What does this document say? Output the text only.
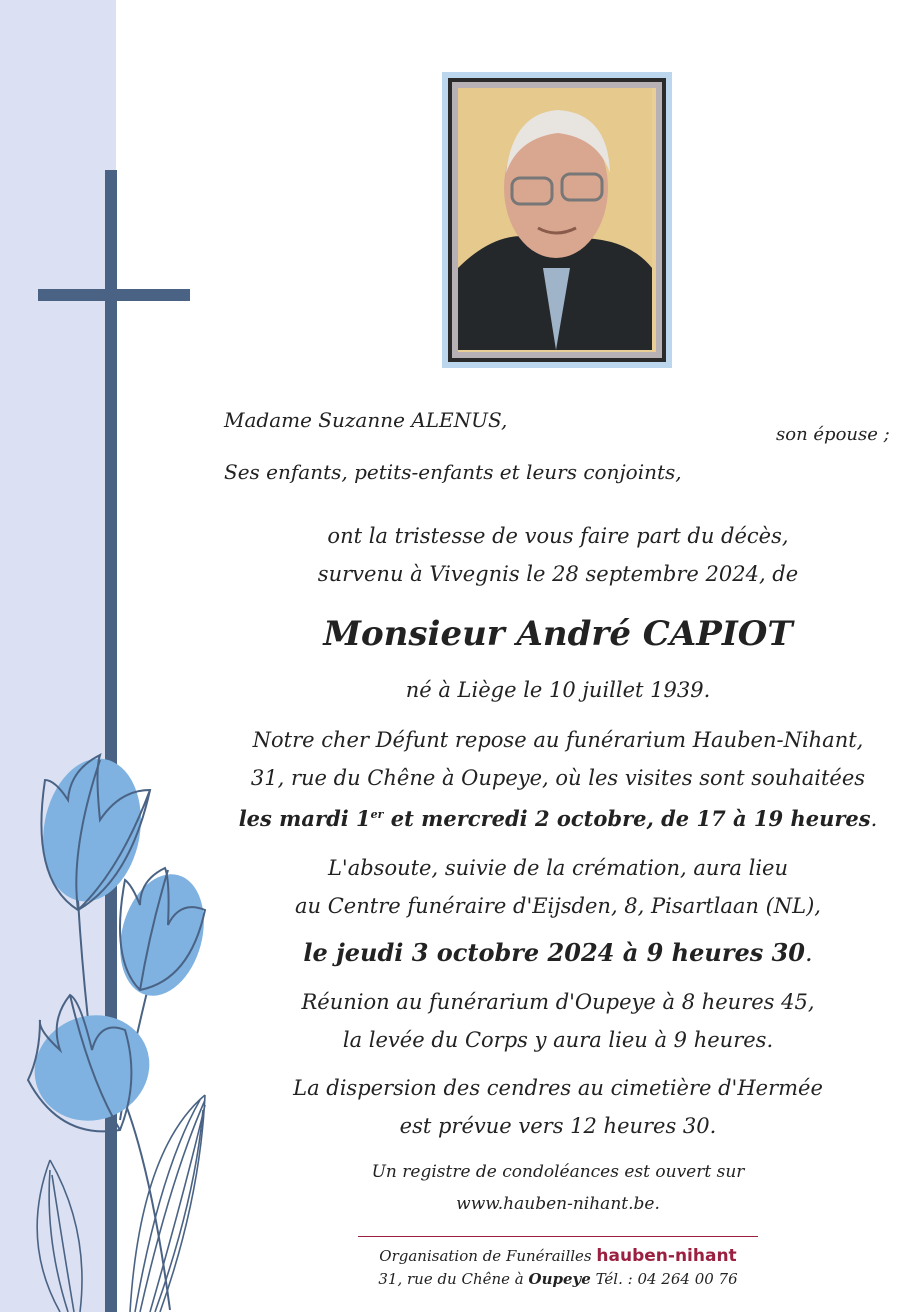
Madame Suzanne ALENUS,
son épouse ;
Ses enfants, petits-enfants et leurs conjoints,
ont la tristesse de vous faire part du décès,
survenu à Vivegnis le 28 septembre 2024, de
Monsieur André CAPIOT
né à Liège le 10 juillet 1939.
Notre cher Défunt repose au funérarium Hauben-Nihant,
31, rue du Chêne à Oupeye, où les visites sont souhaitées
les mardi 1er et mercredi 2 octobre, de 17 à 19 heures.
L'absoute, suivie de la crémation, aura lieu
au Centre funéraire d'Eijsden, 8, Pisartlaan (NL),
le jeudi 3 octobre 2024 à 9 heures 30.
Réunion au funérarium d'Oupeye à 8 heures 45,
la levée du Corps y aura lieu à 9 heures.
La dispersion des cendres au cimetière d'Hermée
est prévue vers 12 heures 30.
Un registre de condoléances est ouvert sur
www.hauben-nihant.be.
Organisation de Funérailles hauben-nihant
31, rue du Chêne à Oupeye Tél. : 04 264 00 76
